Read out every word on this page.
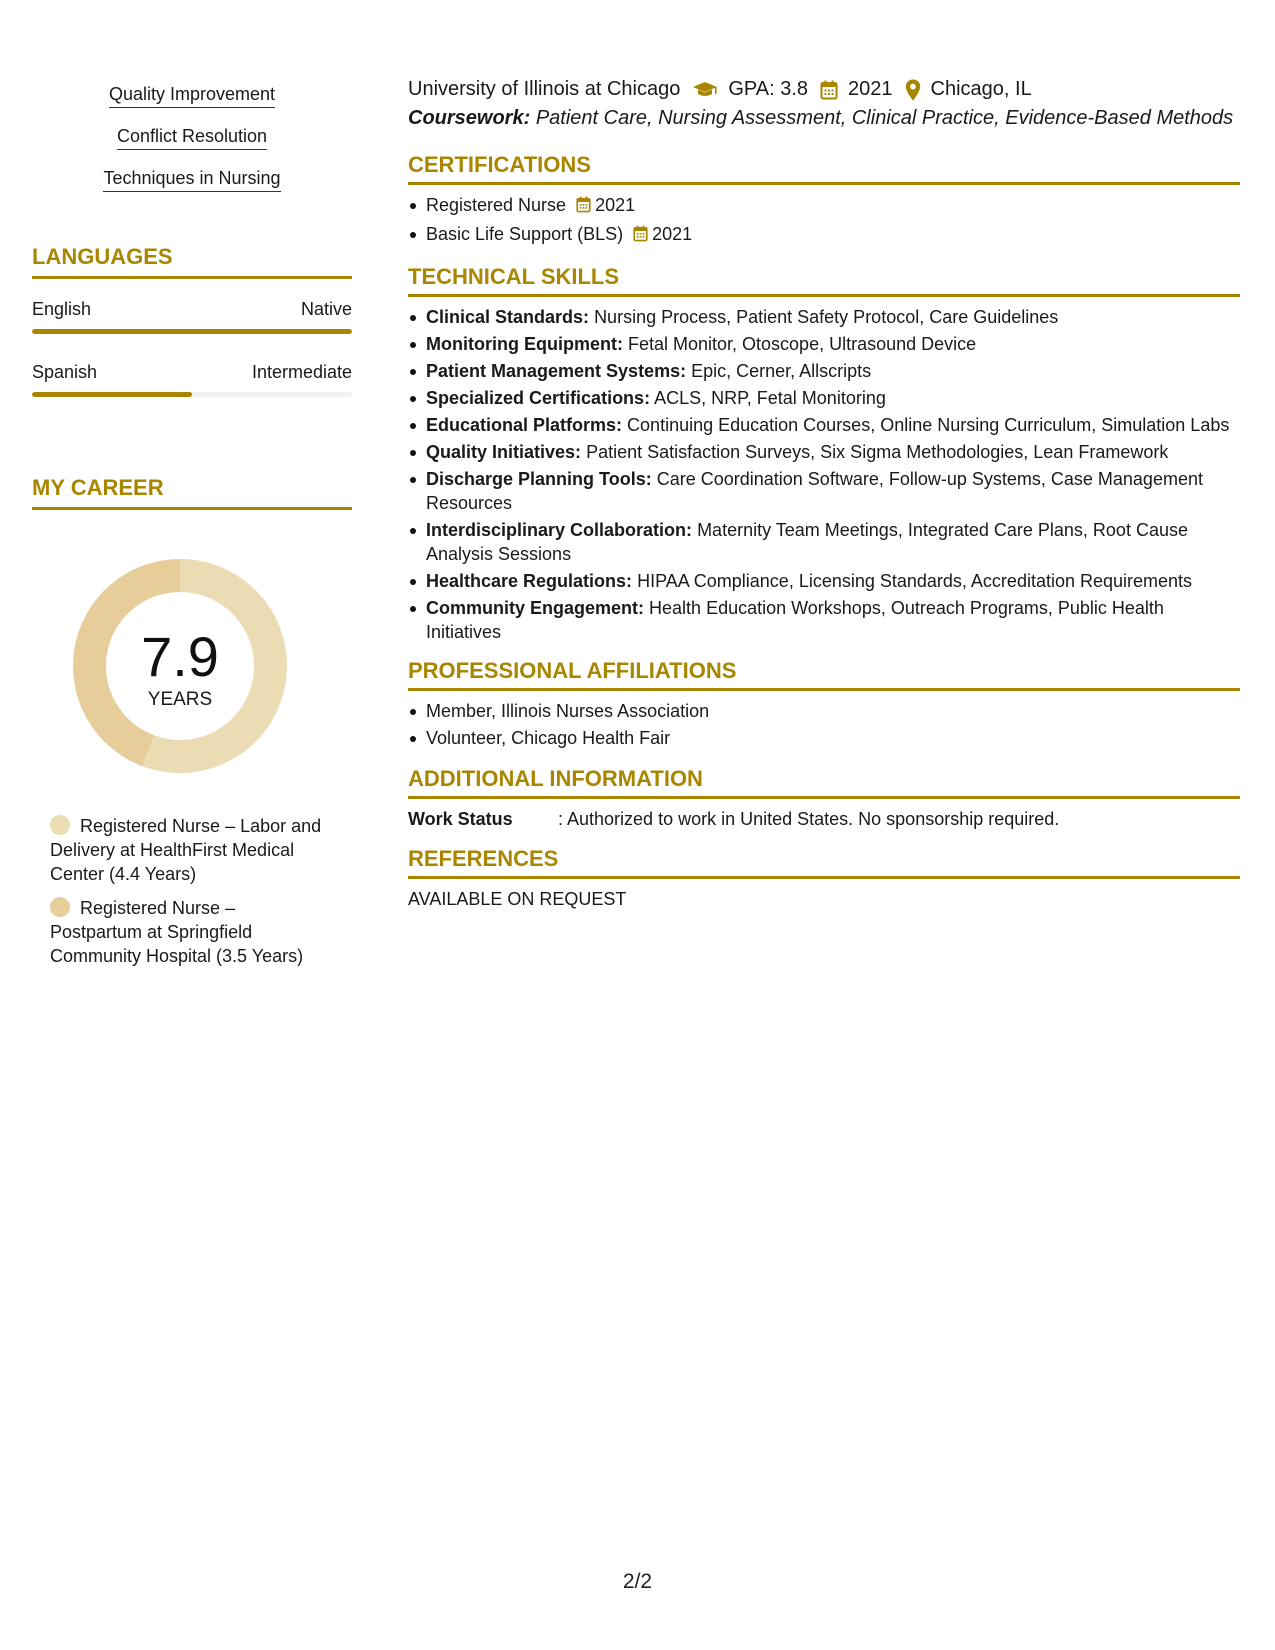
Quality Improvement
Conflict Resolution
Techniques in Nursing
LANGUAGES
English	Native
Spanish	Intermediate
MY CAREER
7.9
YEARS
Registered Nurse – Labor and Delivery at HealthFirst Medical Center (4.4 Years)
Registered Nurse – Postpartum at Springfield Community Hospital (3.5 Years)
University of Illinois at Chicago GPA: 3.8 2021 Chicago, IL
Coursework: Patient Care, Nursing Assessment, Clinical Practice, Evidence-Based Methods
CERTIFICATIONS
Registered Nurse 2021
Basic Life Support (BLS) 2021
TECHNICAL SKILLS
Clinical Standards: Nursing Process, Patient Safety Protocol, Care Guidelines
Monitoring Equipment: Fetal Monitor, Otoscope, Ultrasound Device
Patient Management Systems: Epic, Cerner, Allscripts
Specialized Certifications: ACLS, NRP, Fetal Monitoring
Educational Platforms: Continuing Education Courses, Online Nursing Curriculum, Simulation Labs
Quality Initiatives: Patient Satisfaction Surveys, Six Sigma Methodologies, Lean Framework
Discharge Planning Tools: Care Coordination Software, Follow-up Systems, Case Management Resources
Interdisciplinary Collaboration: Maternity Team Meetings, Integrated Care Plans, Root Cause Analysis Sessions
Healthcare Regulations: HIPAA Compliance, Licensing Standards, Accreditation Requirements
Community Engagement: Health Education Workshops, Outreach Programs, Public Health Initiatives
PROFESSIONAL AFFILIATIONS
Member, Illinois Nurses Association
Volunteer, Chicago Health Fair
ADDITIONAL INFORMATION
Work Status	: Authorized to work in United States. No sponsorship required.
REFERENCES
AVAILABLE ON REQUEST
2/2
